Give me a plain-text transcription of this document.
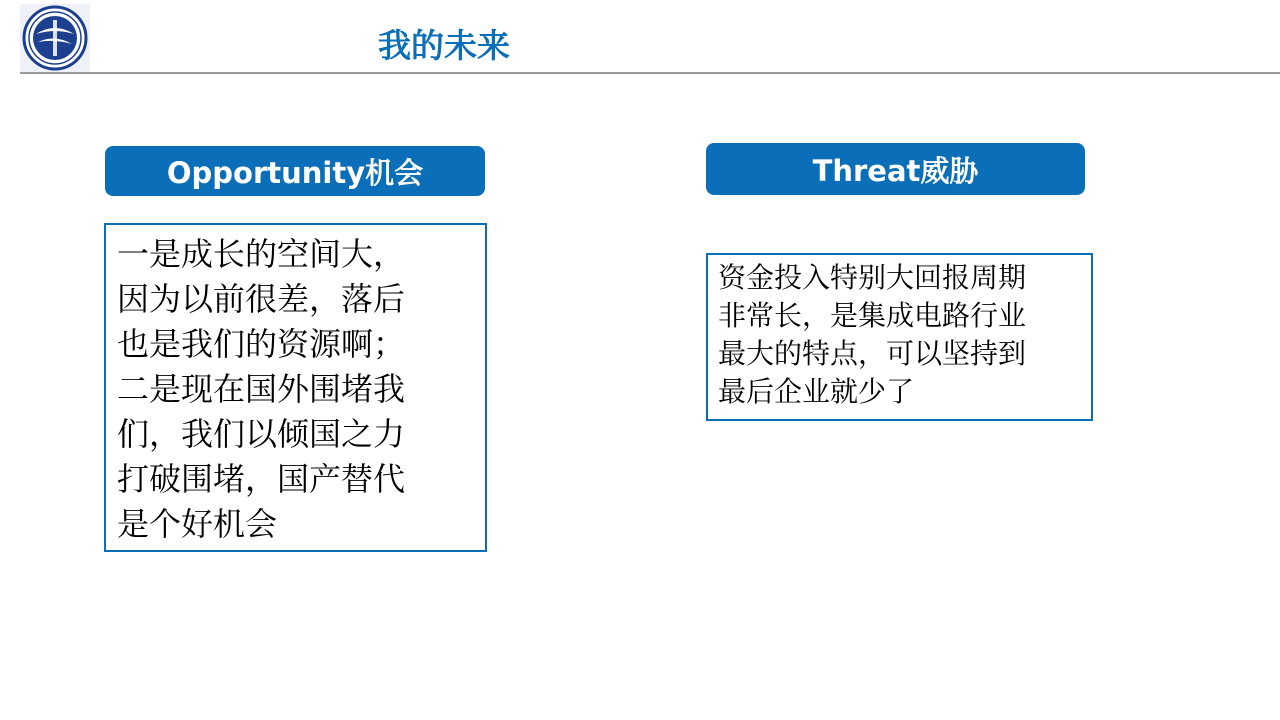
我的未来
Opportunity机会	Threat威胁
一是成长的空间大，
因为以前很差，落后
也是我们的资源啊；
二是现在国外围堵我
们，我们以倾国之力
打破围堵，国产替代
是个好机会
资金投入特别大回报周期
非常长，是集成电路行业
最大的特点，可以坚持到
最后企业就少了
